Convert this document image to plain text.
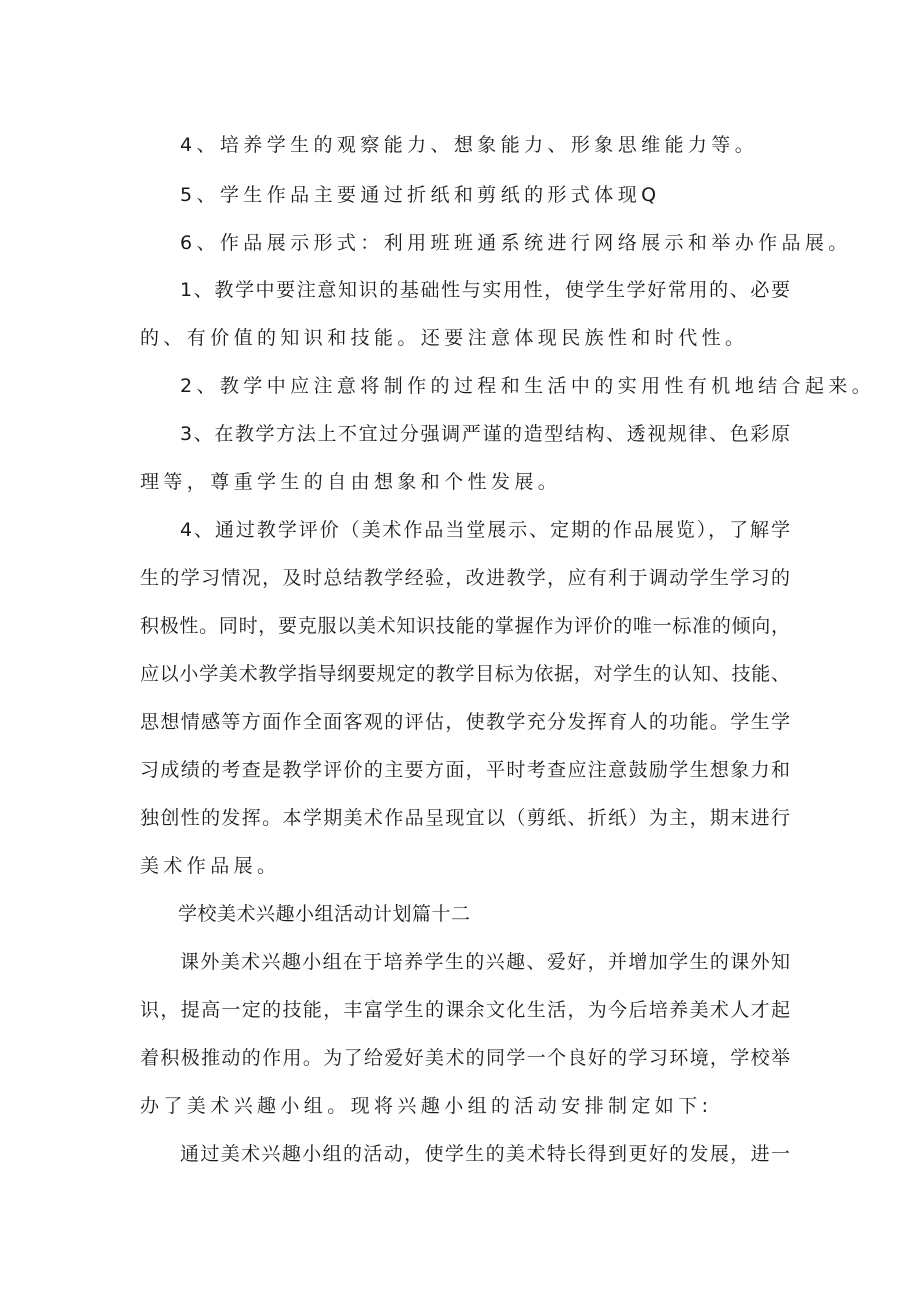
4、培养学生的观察能力、想象能力、形象思维能力等。
5、学生作品主要通过折纸和剪纸的形式体现Q
6、作品展示形式：利用班班通系统进行网络展示和举办作品展。
1、教学中要注意知识的基础性与实用性，使学生学好常用的、必要
的、有价值的知识和技能。还要注意体现民族性和时代性。
2、教学中应注意将制作的过程和生活中的实用性有机地结合起来。
3、在教学方法上不宜过分强调严谨的造型结构、透视规律、色彩原
理等，尊重学生的自由想象和个性发展。
4、通过教学评价（美术作品当堂展示、定期的作品展览），了解学
生的学习情况，及时总结教学经验，改进教学，应有利于调动学生学习的
积极性。同时，要克服以美术知识技能的掌握作为评价的唯一标准的倾向，
应以小学美术教学指导纲要规定的教学目标为依据，对学生的认知、技能、
思想情感等方面作全面客观的评估，使教学充分发挥育人的功能。学生学
习成绩的考查是教学评价的主要方面，平时考查应注意鼓励学生想象力和
独创性的发挥。本学期美术作品呈现宜以（剪纸、折纸）为主，期末进行
美术作品展。
学校美术兴趣小组活动计划篇十二
课外美术兴趣小组在于培养学生的兴趣、爱好，并增加学生的课外知
识，提高一定的技能，丰富学生的课余文化生活，为今后培养美术人才起
着积极推动的作用。为了给爱好美术的同学一个良好的学习环境，学校举
办了美术兴趣小组。现将兴趣小组的活动安排制定如下:
通过美术兴趣小组的活动，使学生的美术特长得到更好的发展，进一
